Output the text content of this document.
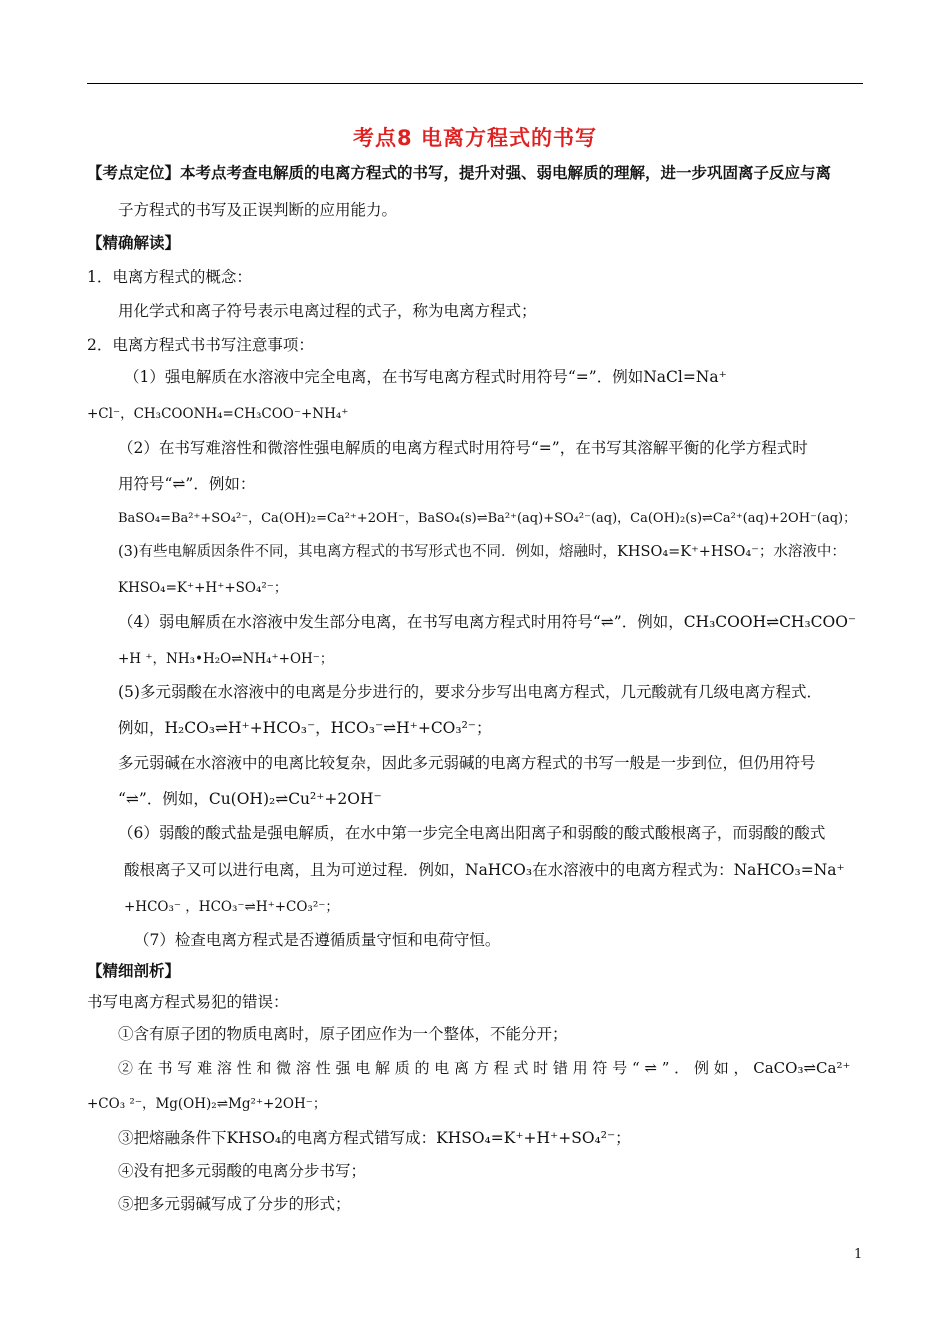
考点8 电离方程式的书写
【考点定位】本考点考查电解质的电离方程式的书写，提升对强、弱电解质的理解，进一步巩固离子反应与离
子方程式的书写及正误判断的应用能力。
【精确解读】
1．电离方程式的概念：
用化学式和离子符号表示电离过程的式子，称为电离方程式；
2．电离方程式书书写注意事项：
（1）强电解质在水溶液中完全电离，在书写电离方程式时用符号“=”．例如NaCl=Na⁺
+Cl⁻，CH₃COONH₄=CH₃COO⁻+NH₄⁺
（2）在书写难溶性和微溶性强电解质的电离方程式时用符号“=”，在书写其溶解平衡的化学方程式时
用符号“⇌”．例如：
BaSO₄=Ba²⁺+SO₄²⁻，Ca(OH)₂=Ca²⁺+2OH⁻，BaSO₄(s)⇌Ba²⁺(aq)+SO₄²⁻(aq)，Ca(OH)₂(s)⇌Ca²⁺(aq)+2OH⁻(aq)；
(3)有些电解质因条件不同，其电离方程式的书写形式也不同．例如，熔融时，KHSO₄=K⁺+HSO₄⁻；水溶液中：
KHSO₄=K⁺+H⁺+SO₄²⁻；
（4）弱电解质在水溶液中发生部分电离，在书写电离方程式时用符号“⇌”．例如，CH₃COOH⇌CH₃COO⁻
+H ⁺，NH₃•H₂O⇌NH₄⁺+OH⁻；
(5)多元弱酸在水溶液中的电离是分步进行的，要求分步写出电离方程式，几元酸就有几级电离方程式．
例如，H₂CO₃⇌H⁺+HCO₃⁻，HCO₃⁻⇌H⁺+CO₃²⁻；
多元弱碱在水溶液中的电离比较复杂，因此多元弱碱的电离方程式的书写一般是一步到位，但仍用符号
“⇌”．例如，Cu(OH)₂⇌Cu²⁺+2OH⁻
（6）弱酸的酸式盐是强电解质，在水中第一步完全电离出阳离子和弱酸的酸式酸根离子，而弱酸的酸式
酸根离子又可以进行电离，且为可逆过程．例如，NaHCO₃在水溶液中的电离方程式为：NaHCO₃=Na⁺
+HCO₃⁻ ，HCO₃⁻⇌H⁺+CO₃²⁻；
（7）检查电离方程式是否遵循质量守恒和电荷守恒。
【精细剖析】
书写电离方程式易犯的错误：
①含有原子团的物质电离时，原子团应作为一个整体，不能分开；
② 在 书 写 难 溶 性 和 微 溶 性 强 电 解 质 的 电 离 方 程 式 时 错 用 符 号 “ ⇌ ” ． 例 如 ， CaCO₃⇌Ca²⁺
+CO₃ ²⁻，Mg(OH)₂⇌Mg²⁺+2OH⁻；
③把熔融条件下KHSO₄的电离方程式错写成：KHSO₄=K⁺+H⁺+SO₄²⁻；
④没有把多元弱酸的电离分步书写；
⑤把多元弱碱写成了分步的形式；
1
